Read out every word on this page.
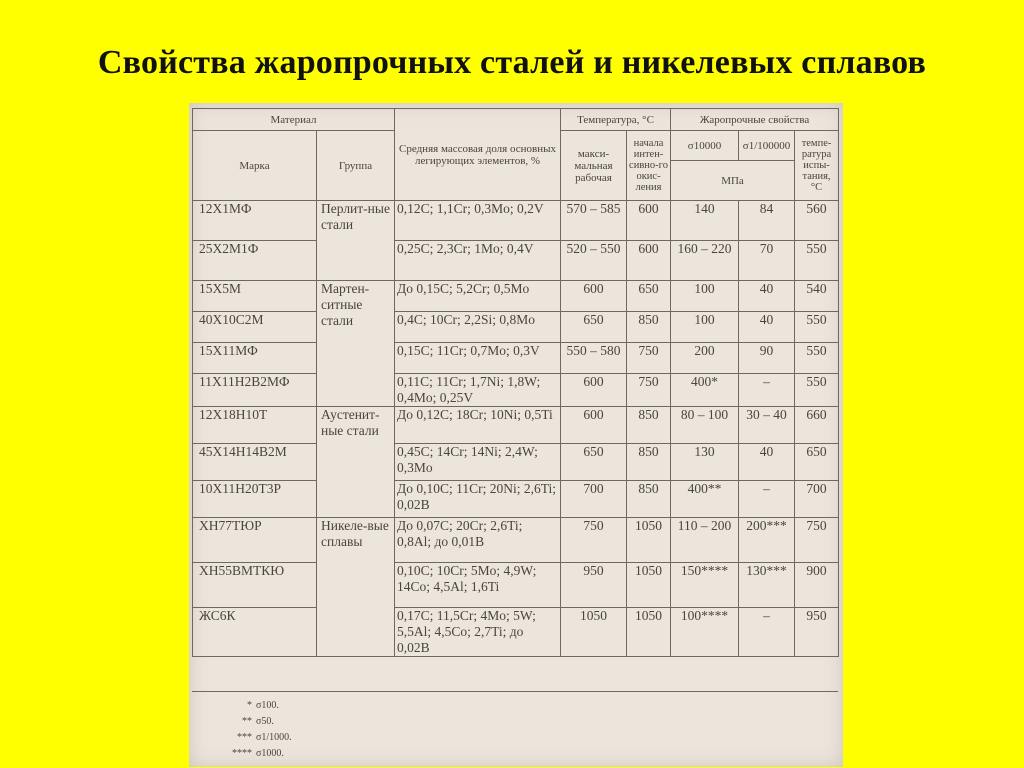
Свойства жаропрочных сталей и никелевых сплавов
Материал		Средняя массовая доля основных легирующих элементов, %	Температура, °С		Жаропрочные свойства		
Марка	Группа		макси-мальная рабочая	начала интен-сивно-го окис-ления	σ10000	σ1/100000	темпе-ратура испы-тания, °С
					МПа		
12Х1МФ	Перлит-ные стали	0,12C; 1,1Cr; 0,3Mo; 0,2V	570 – 585	600	140	84	560
25Х2М1Ф		0,25C; 2,3Cr; 1Mo; 0,4V	520 – 550	600	160 – 220	70	550
15Х5М	Мартен-ситные стали	До 0,15C; 5,2Cr; 0,5Mo	600	650	100	40	540
40Х10С2М		0,4C; 10Cr; 2,2Si; 0,8Mo	650	850	100	40	550
15Х11МФ		0,15C; 11Cr; 0,7Mo; 0,3V	550 – 580	750	200	90	550
11Х11Н2В2МФ		0,11C; 11Cr; 1,7Ni; 1,8W; 0,4Mo; 0,25V	600	750	400*	–	550
12Х18Н10Т	Аустенит-ные стали	До 0,12C; 18Cr; 10Ni; 0,5Ti	600	850	80 – 100	30 – 40	660
45Х14Н14В2М		0,45C; 14Cr; 14Ni; 2,4W; 0,3Mo	650	850	130	40	650
10Х11Н20Т3Р		До 0,10C; 11Cr; 20Ni; 2,6Ti; 0,02B	700	850	400**	–	700
ХН77ТЮР	Никеле-вые сплавы	До 0,07C; 20Cr; 2,6Ti; 0,8Al; до 0,01B	750	1050	110 – 200	200***	750
ХН55ВМТКЮ		0,10C; 10Cr; 5Mo; 4,9W; 14Co; 4,5Al; 1,6Ti	950	1050	150****	130***	900
ЖС6К		0,17C; 11,5Cr; 4Mo; 5W; 5,5Al; 4,5Co; 2,7Ti; до 0,02B	1050	1050	100****	–	950
* σ100.
** σ50.
*** σ1/1000.
**** σ1000.
